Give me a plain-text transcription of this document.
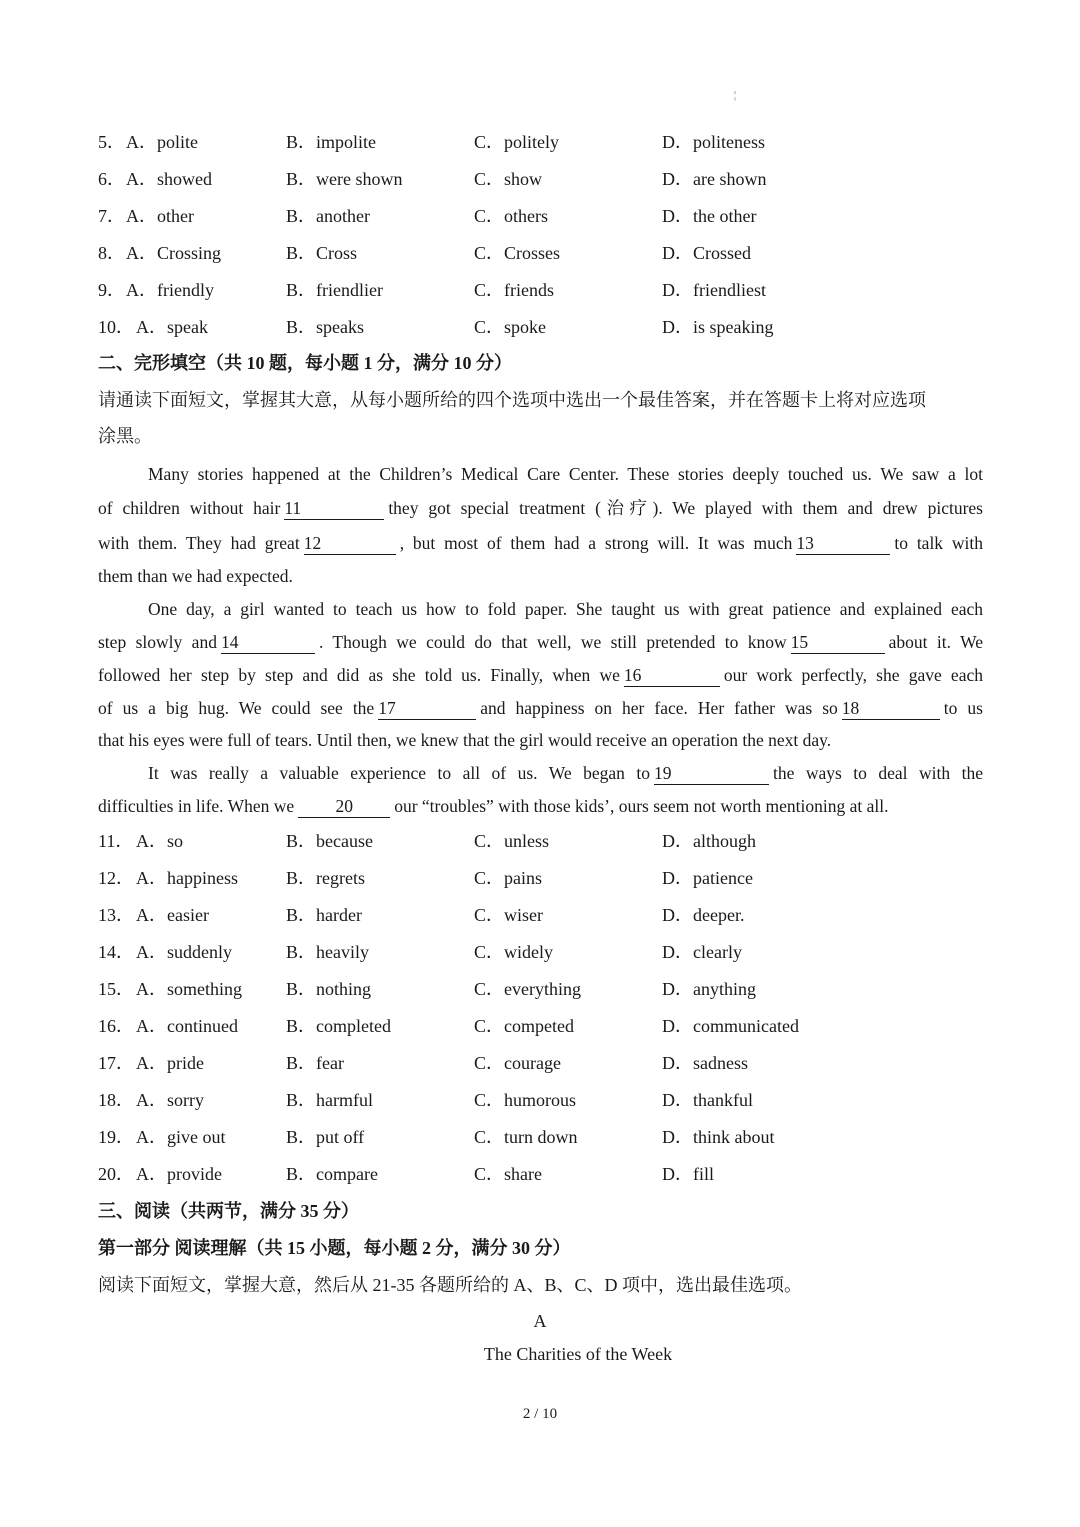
¦
5． A．polite	B．impolite	C．politely	D．politeness
6． A．showed	B．were shown	C．show	D．are shown
7． A．other	B．another	C．others	D．the other
8． A．Crossing	B．Cross	C．Crosses	D．Crossed
9． A．friendly	B．friendlier	C．friends	D．friendliest
10． A．speak	B．speaks	C．spoke	D．is speaking
二、完形填空（共 10 题，每小题 1 分，满分 10 分）
请通读下面短文，掌握其大意，从每小题所给的四个选项中选出一个最佳答案，并在答题卡上将对应选项
涂黑。
Many stories happened at the Children’s Medical Care Center. These stories deeply touched us. We saw a lot
of children without hair 11	they got special treatment (治疗). We played with them and drew pictures
with them. They had great 12	, but most of them had a strong will. It was much 13	to talk with
them than we had expected.
One day, a girl wanted to teach us how to fold paper. She taught us with great patience and explained each
step slowly and 14	. Though we could do that well, we still pretended to know 15	about it. We
followed her step by step and did as she told us. Finally, when we 16	our work perfectly, she gave each
of us a big hug. We could see the 17	and happiness on her face. Her father was so 18	to us
that his eyes were full of tears. Until then, we knew that the girl would receive an operation the next day.
It was really a valuable experience to all of us. We began to 19	the ways to deal with the
difficulties in life. When we 20 our “troubles” with those kids’, ours seem not worth mentioning at all.
11． A．so	B．because	C．unless	D．although
12． A．happiness	B．regrets	C．pains	D．patience
13． A．easier	B．harder	C．wiser	D．deeper.
14． A．suddenly	B．heavily	C．widely	D．clearly
15． A．something B．nothing	C．everything	D．anything
16． A．continued	B．completed	C．competed	D．communicated
17． A．pride	B．fear	C．courage	D．sadness
18． A．sorry	B．harmful	C．humorous	D．thankful
19． A．give out	B．put off	C．turn down	D．think about
20． A．provide	B．compare	C．share	D．fill
三、阅读（共两节，满分 35 分）
第一部分 阅读理解（共 15 小题，每小题 2 分，满分 30 分）
阅读下面短文，掌握大意，然后从 21-35 各题所给的 A、B、C、D 项中，选出最佳选项。
A
The Charities of the Week
2 / 10
